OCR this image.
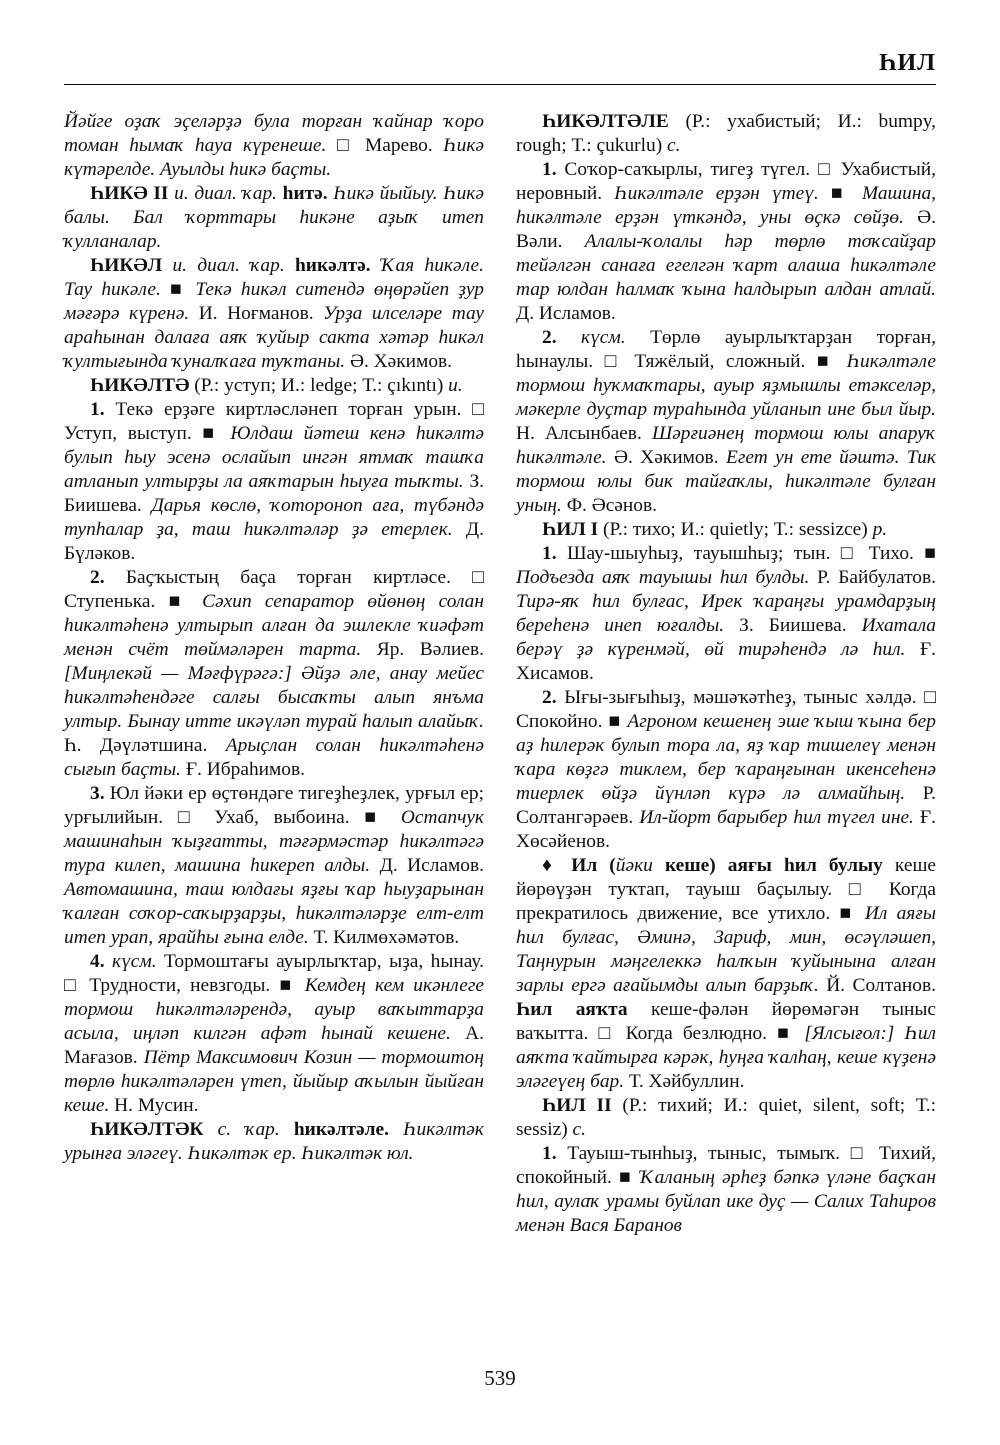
ҺИЛ

Йәйге оҙаҡ эҫеләрҙә була торған ҡайнар ҡоро томан һымаҡ һауа күренеше. □ Марево. Һикә күтәрелде. Ауылды һикә баҫты.

ҺИКӘ II и. диал. ҡар. һитә. Һикә йыйыу. Һикә балы. Бал ҡорттары һикәне аҙыҡ итеп ҡулланалар.

ҺИКӘЛ и. диал. ҡар. һикәлтә. Ҡая һикәле. Тау һикәле. ■ Текә һикәл ситендә өңөрәйеп ҙур мәғәрә күренә. И. Ноғманов. Урҙа илселәре тау араһынан далаға аяҡ ҡуйыр сакта хәтәр һикәл ҡултығында ҡуналҡаға туҡтаны. Ә. Хәкимов.

ҺИКӘЛТӘ (Р.: уступ; И.: ledge; Т.: çıkıntı) и.

1. Текә ерҙәге киртләсләнеп торған урын. □ Уступ, выступ. ■ Юлдаш йәтеш кенә һикәлтә булып һыу эсенә ослайып ингән ятмаҡ ташҡа атланып ултырҙы ла аяҡтарын һыуға тыҡты. З. Биишева. Дарья көслө, ҡотороноп аға, түбәндә тупһалар ҙа, таш һикәлтәләр ҙә етерлек. Д. Бүләков.

2. Баҫҡыстың баҫа торған киртләсе. □ Ступенька. ■ Сәхип сепаратор өйөнөң солан һикәлтәһенә ултырып алған да эшлекле ҡиәфәт менән счёт төймәләрен тарта. Яр. Вәлиев. [Миңлекәй — Мәғфүрәгә:] Әйҙә әле, анау мейес һикәлтәһендәге салғы бысаҡты алып янъма ултыр. Бынау итте икәүләп турай һалып алайыҡ. Һ. Дәүләтшина. Арыҫлан солан һикәлтәһенә сығып баҫты. Ғ. Ибраһимов.

3. Юл йәки ер өҫтөндәге тигеҙһеҙлек, урғыл ер; урғылийын. □ Ухаб, выбоина. ■ Остапчук машинаһын ҡыҙғатты, тәғәрмәстәр һикәлтәгә тура килеп, машина һикереп алды. Д. Исламов. Автомашина, таш юлдағы яҙғы ҡар һыуҙарынан ҡалған соҡор-саҡырҙарҙы, һикәлтәләрҙе елт-елт итеп урап, ярайһы ғына елде. Т. Килмөхәмәтов.

4. күсм. Тормоштағы ауырлыҡтар, ыҙа, һынау. □ Трудности, невзгоды. ■ Кемдең кем икәнлеге тормош һикәлтәләрендә, ауыр ваҡыттарҙа асыла, иңләп килгән афәт һынай кешене. А. Мағазов. Пётр Максимович Козин — тормоштоң төрлө һикәлтәләрен үтеп, йыйыр аҡылын йыйған кеше. Н. Мусин.

ҺИКӘЛТӘК с. ҡар. һикәлтәле. Һикәлтәк урынға эләгеү. Һикәлтәк ер. Һикәлтәк юл.

ҺИКӘЛТӘЛЕ (Р.: ухабистый; И.: bumpy, rough; Т.: çukurlu) с.

1. Соҡор-саҡырлы, тигеҙ түгел. □ Ухабистый, неровный. Һикәлтәле ерҙән үтеү. ■ Машина, һикәлтәле ерҙән үткәндә, уны өҫкә сөйҙө. Ә. Вәли. Алалы-ҡолалы һәр төрлө тоҡсайҙар тейәлгән санаға егелгән ҡарт алаша һикәлтәле тар юлдан һалмаҡ ҡына һалдырып алдан атлай. Д. Исламов.

2. күсм. Төрлө ауырлыҡтарҙан торған, һынаулы. □ Тяжёлый, сложный. ■ Һикәлтәле тормош һуҡмаҡтары, ауыр яҙмышлы етәкселәр, мәкерле дуҫтар тураһында уйланып ине был йыр. Н. Алсынбаев. Шәрғиәнең тормош юлы апаруҡ һикәлтәле. Ә. Хәкимов. Егет ун ете йәштә. Тик тормош юлы бик тайғаҡлы, һикәлтәле булған уның. Ф. Әсәнов.

ҺИЛ I (Р.: тихо; И.: quietly; Т.: sessizce) р.

1. Шау-шыуһыҙ, тауышһыҙ; тын. □ Тихо. ■ Подъезда аяҡ тауышы һил булды. Р. Байбулатов. Тирә-яҡ һил булғас, Ирек ҡараңғы урамдарҙың береһенә инеп юғалды. З. Биишева. Ихатала берәү ҙә күренмәй, өй тирәһендә лә һил. Ғ. Хисамов.

2. Ығы-зығыһыҙ, мәшәҡәтһеҙ, тыныс хәлдә. □ Спокойно. ■ Агроном кешенең эше ҡыш ҡына бер аҙ һилерәк булып тора ла, яҙ ҡар тишелеү менән ҡара көҙгә тиклем, бер ҡараңғынан икенсеһенә тиерлек өйҙә йүнләп күрә лә алмайһың. Р. Солтангәрәев. Ил-йорт барыбер һил түгел ине. Ғ. Хөсәйенов.

♦ Ил (йәки кеше) аяғы һил булыу кеше йөрөүҙән туҡтап, тауыш баҫылыу. □ Когда прекратилось движение, все утихло. ■ Ил аяғы һил булғас, Әминә, Зариф, мин, өсәүләшеп, Таңнурын мәңгелеккә һалҡын ҡуйынына алған зарлы ергә ағайымды алып барҙыҡ. Й. Солтанов. Һил аяҡта кеше-фәлән йөрөмәгән тыныс ваҡытта. □ Когда безлюдно. ■ [Ялсығол:] Һил аяҡта ҡайтырға кәрәк, һуңға ҡалһаң, кеше күҙенә эләгеүең бар. Т. Хәйбуллин.

ҺИЛ II (Р.: тихий; И.: quiet, silent, soft; Т.: sessiz) с.

1. Тауыш-тынһыҙ, тыныс, тымыҡ. □ Тихий, спокойный. ■ Ҡаланың әрһеҙ бәпкә үләне баҫҡан һил, аулаҡ урамы буйлап ике дуҫ — Салих Таһиров менән Вася Баранов

539
